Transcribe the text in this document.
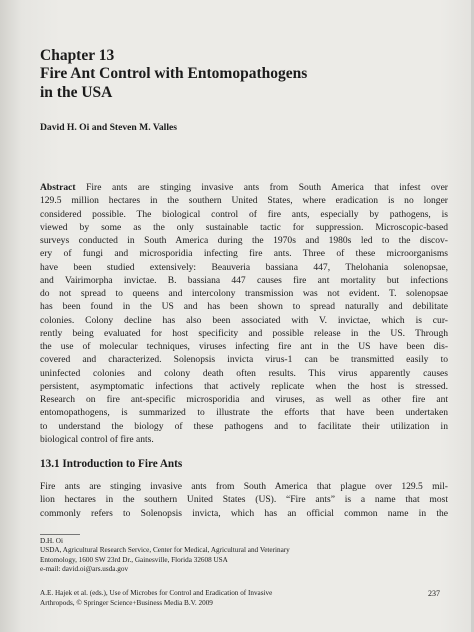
Chapter 13
Fire Ant Control with Entomopathogens
in the USA
David H. Oi and Steven M. Valles
Abstract Fire ants are stinging invasive ants from South America that infest over
129.5 million hectares in the southern United States, where eradication is no longer
considered possible. The biological control of fire ants, especially by pathogens, is
viewed by some as the only sustainable tactic for suppression. Microscopic-based
surveys conducted in South America during the 1970s and 1980s led to the discov-
ery of fungi and microsporidia infecting fire ants. Three of these microorganisms
have been studied extensively: Beauveria bassiana 447, Thelohania solenopsae,
and Vairimorpha invictae. B. bassiana 447 causes fire ant mortality but infections
do not spread to queens and intercolony transmission was not evident. T. solenopsae
has been found in the US and has been shown to spread naturally and debilitate
colonies. Colony decline has also been associated with V. invictae, which is cur-
rently being evaluated for host specificity and possible release in the US. Through
the use of molecular techniques, viruses infecting fire ant in the US have been dis-
covered and characterized. Solenopsis invicta virus-1 can be transmitted easily to
uninfected colonies and colony death often results. This virus apparently causes
persistent, asymptomatic infections that actively replicate when the host is stressed.
Research on fire ant-specific microsporidia and viruses, as well as other fire ant
entomopathogens, is summarized to illustrate the efforts that have been undertaken
to understand the biology of these pathogens and to facilitate their utilization in
biological control of fire ants.
13.1 Introduction to Fire Ants
Fire ants are stinging invasive ants from South America that plague over 129.5 mil-
lion hectares in the southern United States (US). “Fire ants” is a name that most
commonly refers to Solenopsis invicta, which has an official common name in the
D.H. Oi
USDA, Agricultural Research Service, Center for Medical, Agricultural and Veterinary
Entomology, 1600 SW 23rd Dr., Gainesville, Florida 32608 USA
e-mail: david.oi@ars.usda.gov
A.E. Hajek et al. (eds.), Use of Microbes for Control and Eradication of Invasive
Arthropods, © Springer Science+Business Media B.V. 2009
237
